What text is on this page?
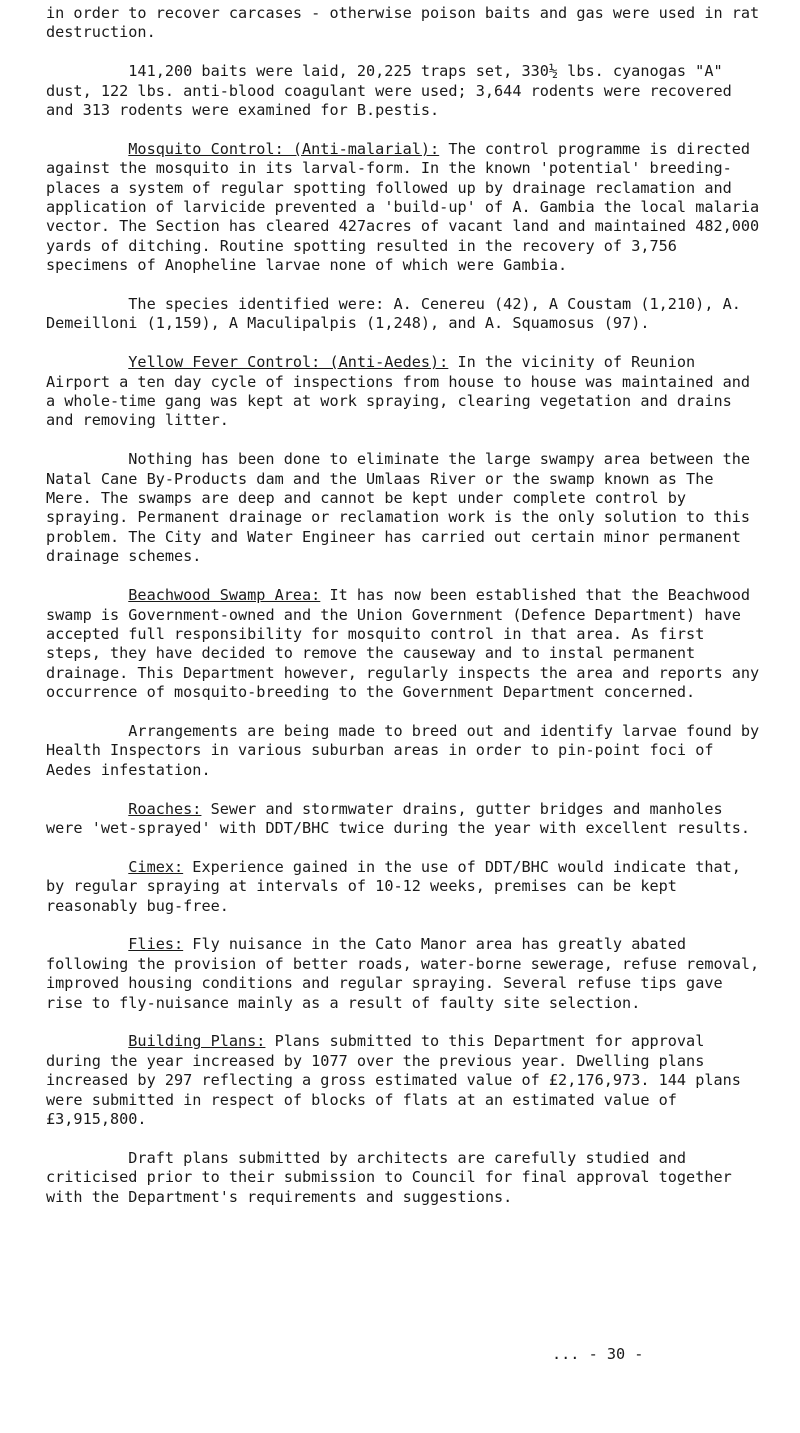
in order to recover carcases - otherwise poison baits and gas were used in rat destruction.

141,200 baits were laid, 20,225 traps set, 330½ lbs. cyanogas "A" dust, 122 lbs. anti-blood coagulant were used; 3,644 rodents were recovered and 313 rodents were examined for B.pestis.

Mosquito Control: (Anti-malarial): The control programme is directed against the mosquito in its larval-form. In the known 'potential' breeding-places a system of regular spotting followed up by drainage reclamation and application of larvicide prevented a 'build-up' of A. Gambia the local malaria vector. The Section has cleared 427acres of vacant land and maintained 482,000 yards of ditching. Routine spotting resulted in the recovery of 3,756 specimens of Anopheline larvae none of which were Gambia.

The species identified were: A. Cenereu (42), A Coustam (1,210), A. Demeilloni (1,159), A Maculipalpis (1,248), and A. Squamosus (97).

Yellow Fever Control: (Anti-Aedes): In the vicinity of Reunion Airport a ten day cycle of inspections from house to house was maintained and a whole-time gang was kept at work spraying, clearing vegetation and drains and removing litter.

Nothing has been done to eliminate the large swampy area between the Natal Cane By-Products dam and the Umlaas River or the swamp known as The Mere. The swamps are deep and cannot be kept under complete control by spraying. Permanent drainage or reclamation work is the only solution to this problem. The City and Water Engineer has carried out certain minor permanent drainage schemes.

Beachwood Swamp Area: It has now been established that the Beachwood swamp is Government-owned and the Union Government (Defence Department) have accepted full responsibility for mosquito control in that area. As first steps, they have decided to remove the causeway and to instal permanent drainage. This Department however, regularly inspects the area and reports any occurrence of mosquito-breeding to the Government Department concerned.

Arrangements are being made to breed out and identify larvae found by Health Inspectors in various suburban areas in order to pin-point foci of Aedes infestation.

Roaches: Sewer and stormwater drains, gutter bridges and manholes were 'wet-sprayed' with DDT/BHC twice during the year with excellent results.

Cimex: Experience gained in the use of DDT/BHC would indicate that, by regular spraying at intervals of 10-12 weeks, premises can be kept reasonably bug-free.

Flies: Fly nuisance in the Cato Manor area has greatly abated following the provision of better roads, water-borne sewerage, refuse removal, improved housing conditions and regular spraying. Several refuse tips gave rise to fly-nuisance mainly as a result of faulty site selection.

Building Plans: Plans submitted to this Department for approval during the year increased by 1077 over the previous year. Dwelling plans increased by 297 reflecting a gross estimated value of £2,176,973. 144 plans were submitted in respect of blocks of flats at an estimated value of £3,915,800.

Draft plans submitted by architects are carefully studied and criticised prior to their submission to Council for final approval together with the Department's requirements and suggestions.

... - 30 -
